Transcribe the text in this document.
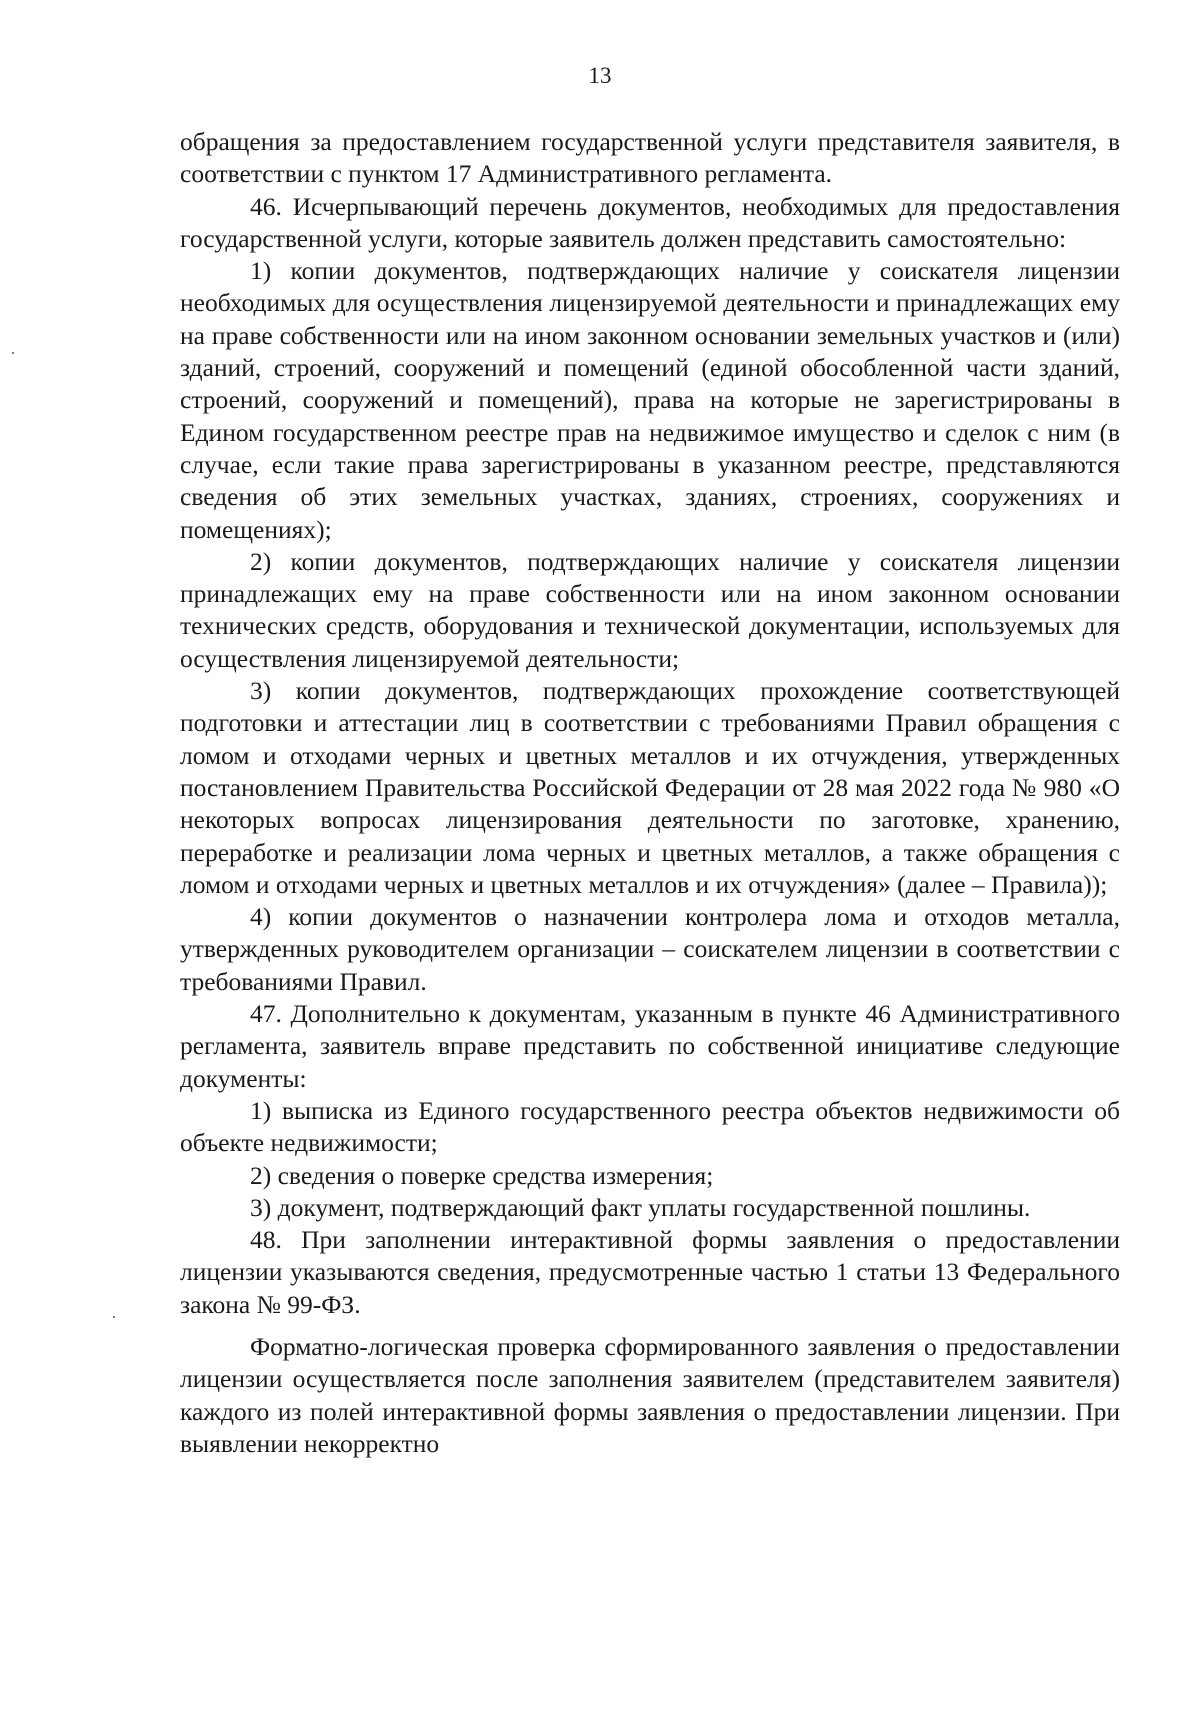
13

обращения за предоставлением государственной услуги представителя заявителя, в соответствии с пунктом 17 Административного регламента.

46. Исчерпывающий перечень документов, необходимых для предоставления государственной услуги, которые заявитель должен представить самостоятельно:

1) копии документов, подтверждающих наличие у соискателя лицензии необходимых для осуществления лицензируемой деятельности и принадлежащих ему на праве собственности или на ином законном основании земельных участков и (или) зданий, строений, сооружений и помещений (единой обособленной части зданий, строений, сооружений и помещений), права на которые не зарегистрированы в Едином государственном реестре прав на недвижимое имущество и сделок с ним (в случае, если такие права зарегистрированы в указанном реестре, представляются сведения об этих земельных участках, зданиях, строениях, сооружениях и помещениях);

2) копии документов, подтверждающих наличие у соискателя лицензии принадлежащих ему на праве собственности или на ином законном основании технических средств, оборудования и технической документации, используемых для осуществления лицензируемой деятельности;

3) копии документов, подтверждающих прохождение соответствующей подготовки и аттестации лиц в соответствии с требованиями Правил обращения с ломом и отходами черных и цветных металлов и их отчуждения, утвержденных постановлением Правительства Российской Федерации от 28 мая 2022 года № 980 «О некоторых вопросах лицензирования деятельности по заготовке, хранению, переработке и реализации лома черных и цветных металлов, а также обращения с ломом и отходами черных и цветных металлов и их отчуждения» (далее – Правила));

4) копии документов о назначении контролера лома и отходов металла, утвержденных руководителем организации – соискателем лицензии в соответствии с требованиями Правил.

47. Дополнительно к документам, указанным в пункте 46 Административного регламента, заявитель вправе представить по собственной инициативе следующие документы:

1) выписка из Единого государственного реестра объектов недвижимости об объекте недвижимости;

2) сведения о поверке средства измерения;

3) документ, подтверждающий факт уплаты государственной пошлины.

48. При заполнении интерактивной формы заявления о предоставлении лицензии указываются сведения, предусмотренные частью 1 статьи 13 Федерального закона № 99-ФЗ.

Форматно-логическая проверка сформированного заявления о предоставлении лицензии осуществляется после заполнения заявителем (представителем заявителя) каждого из полей интерактивной формы заявления о предоставлении лицензии. При выявлении некорректно
